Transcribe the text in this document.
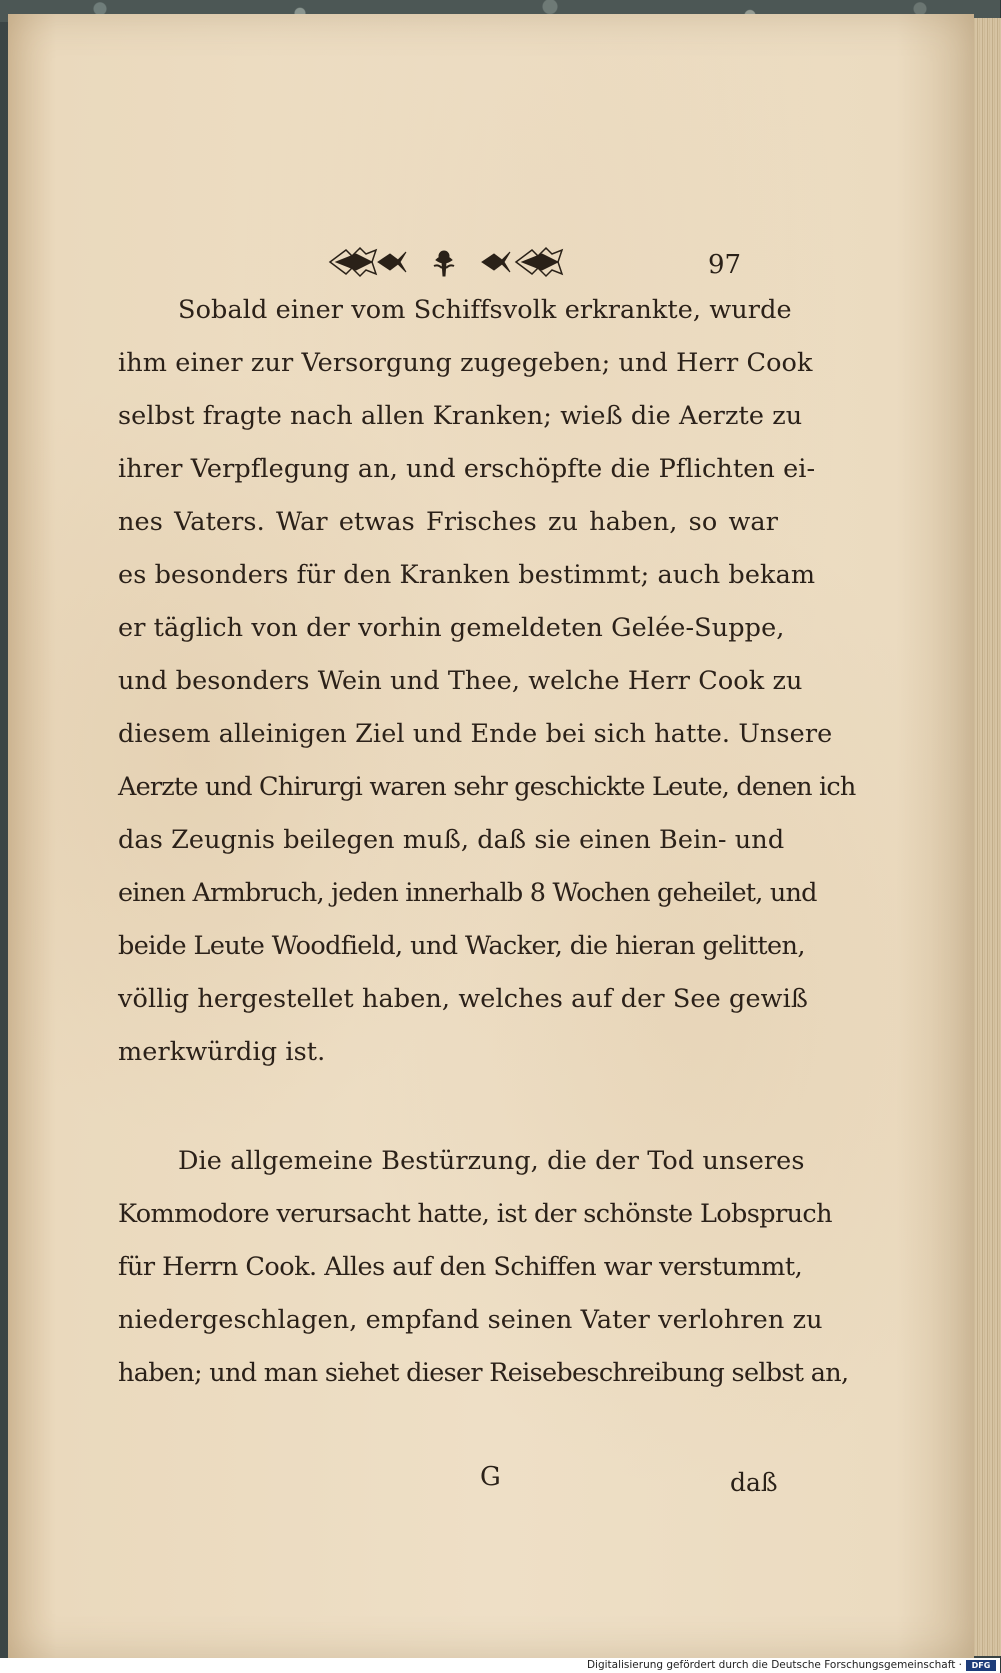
97
Sobald einer vom Schiffsvolk erkrankte, wurde
ihm einer zur Versorgung zugegeben; und Herr Cook
selbst fragte nach allen Kranken; wieß die Aerzte zu
ihrer Verpflegung an, und erschöpfte die Pflichten ei-
nes Vaters. War etwas Frisches zu haben, so war
es besonders für den Kranken bestimmt; auch bekam
er täglich von der vorhin gemeldeten Gelée-Suppe,
und besonders Wein und Thee, welche Herr Cook zu
diesem alleinigen Ziel und Ende bei sich hatte. Unsere
Aerzte und Chirurgi waren sehr geschickte Leute, denen ich
das Zeugnis beilegen muß, daß sie einen Bein- und
einen Armbruch, jeden innerhalb 8 Wochen geheilet, und
beide Leute Woodfield, und Wacker, die hieran gelitten,
völlig hergestellet haben, welches auf der See gewiß
merkwürdig ist.
Die allgemeine Bestürzung, die der Tod unseres
Kommodore verursacht hatte, ist der schönste Lobspruch
für Herrn Cook. Alles auf den Schiffen war verstummt,
niedergeschlagen, empfand seinen Vater verlohren zu
haben; und man siehet dieser Reisebeschreibung selbst an,
G	daß
Digitalisierung gefördert durch die Deutsche Forschungsgemeinschaft ·	DFG
